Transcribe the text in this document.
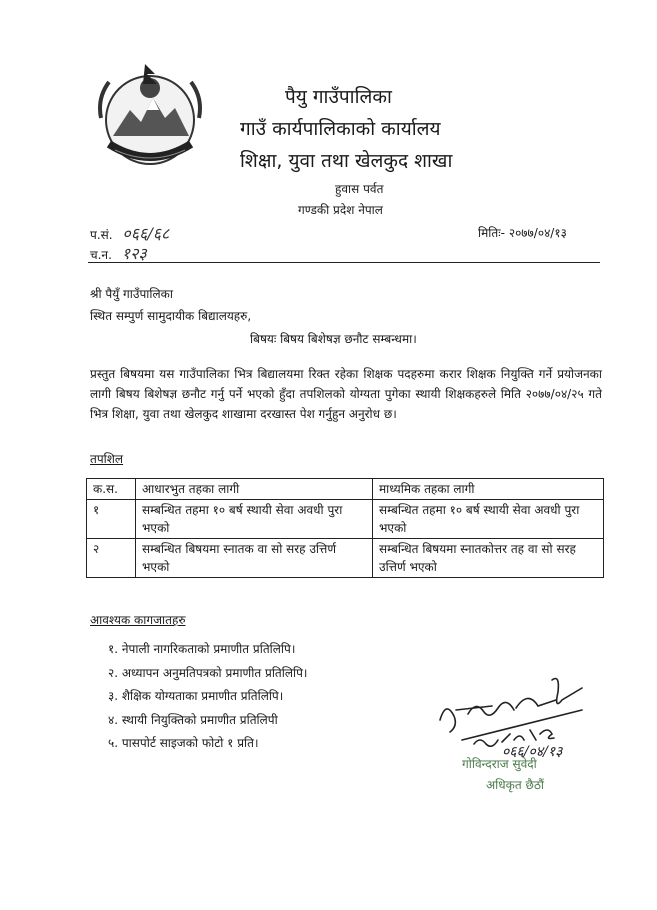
पैयु गाउँपालिका
गाउँ कार्यपालिकाको कार्यालय
शिक्षा, युवा तथा खेलकुद शाखा
हुवास पर्वत
गण्डकी प्रदेश नेपाल
प.सं. ०६६/६८
च.न. १२३
मितिः- २०७७/०४/१३
श्री पैयुँ गाउँपालिका
स्थित सम्पुर्ण सामुदायीक बिद्यालयहरु,
बिषयः बिषय बिशेषज्ञ छनौट सम्बन्धमा।
प्रस्तुत बिषयमा यस गाउँपालिका भित्र बिद्यालयमा रिक्त रहेका शिक्षक पदहरुमा करार शिक्षक नियुक्ति गर्ने प्रयोजनका लागी बिषय बिशेषज्ञ छनौट गर्नु पर्ने भएको हुँदा तपशिलको योग्यता पुगेका स्थायी शिक्षकहरुले मिति २०७७/०४/२५ गते भित्र शिक्षा, युवा तथा खेलकुद शाखामा दरखास्त पेश गर्नुहुन अनुरोध छ।
तपशिल
क.स.	आधारभुत तहका लागी	माध्यमिक तहका लागी
१	सम्बन्धित तहमा १० बर्ष स्थायी सेवा अवधी पुरा भएको	सम्बन्धित तहमा १० बर्ष स्थायी सेवा अवधी पुरा भएको
२	सम्बन्धित बिषयमा स्नातक वा सो सरह उत्तिर्ण भएको	सम्बन्धित बिषयमा स्नातकोत्तर तह वा सो सरह उत्तिर्ण भएको
आवश्यक कागजातहरु
१. नेपाली नागरिकताको प्रमाणीत प्रतिलिपि।
२. अध्यापन अनुमतिपत्रको प्रमाणीत प्रतिलिपि।
३. शैक्षिक योग्यताका प्रमाणीत प्रतिलिपि।
४. स्थायी नियुक्तिको प्रमाणीत प्रतिलिपी
५. पासपोर्ट साइजको फोटो १ प्रति।
०६६/०४/१३
गोविन्दराज सुवेदी
अधिकृत छैठौं
